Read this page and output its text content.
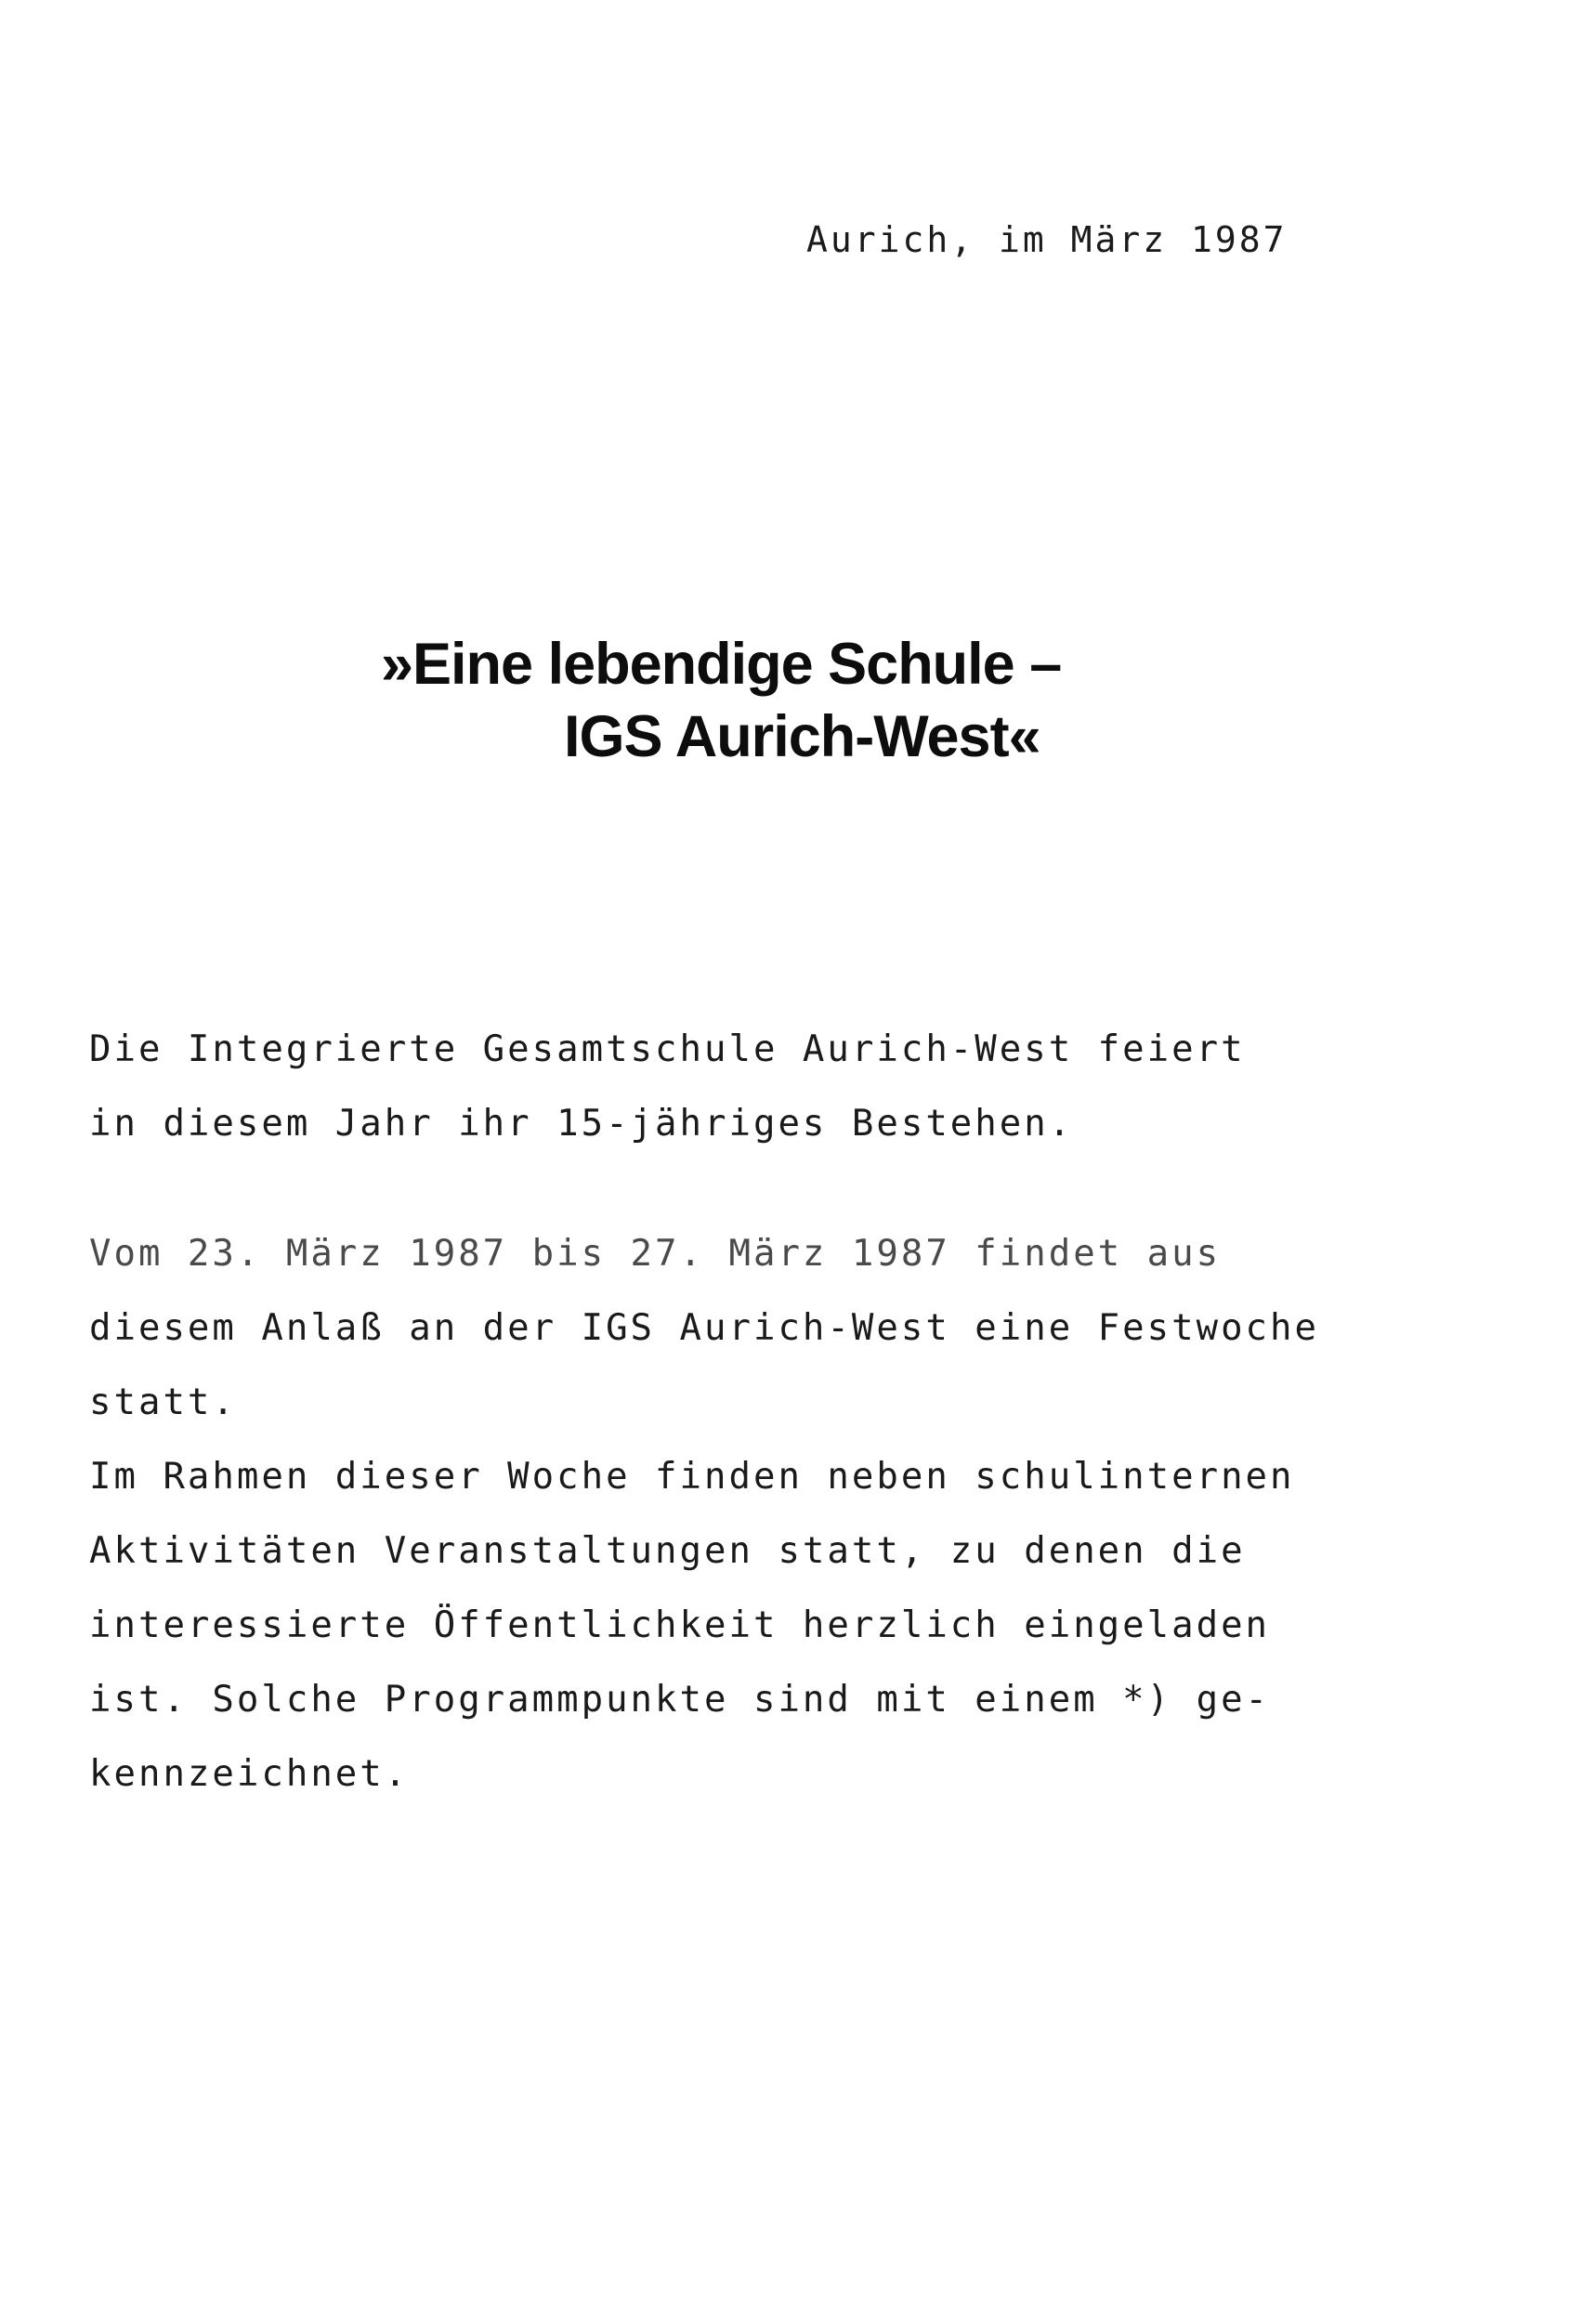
Aurich, im März 1987
»Eine lebendige Schule –
IGS Aurich-West«
Die Integrierte Gesamtschule Aurich-West feiert
in diesem Jahr ihr 15-jähriges Bestehen.
Vom 23. März 1987 bis 27. März 1987 findet aus
diesem Anlaß an der IGS Aurich-West eine Festwoche
statt.
Im Rahmen dieser Woche finden neben schulinternen
Aktivitäten Veranstaltungen statt, zu denen die
interessierte Öffentlichkeit herzlich eingeladen
ist. Solche Programmpunkte sind mit einem *) ge-
kennzeichnet.
